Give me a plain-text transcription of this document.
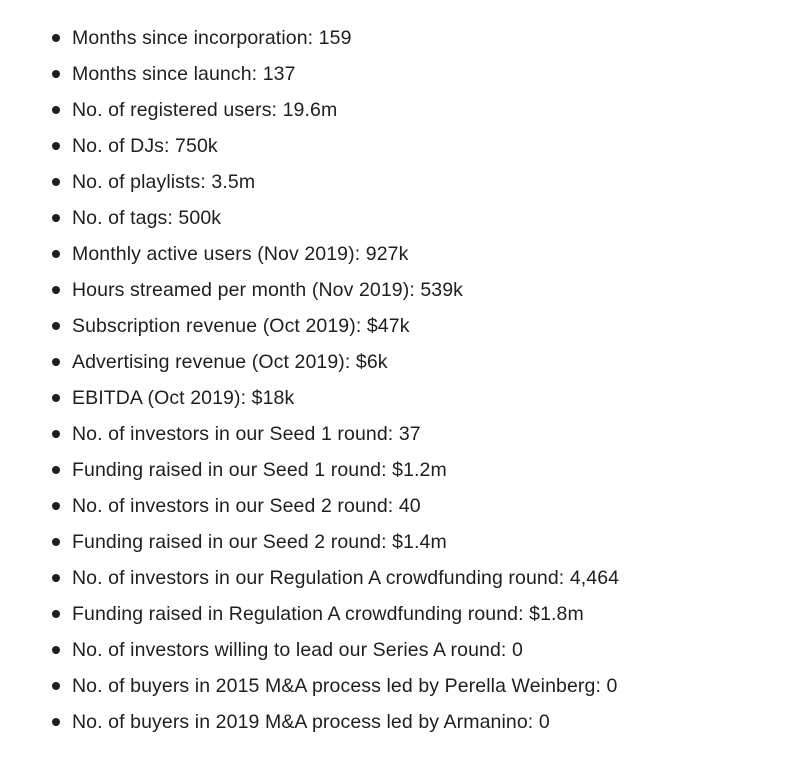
Months since incorporation: 159
Months since launch: 137
No. of registered users: 19.6m
No. of DJs: 750k
No. of playlists: 3.5m
No. of tags: 500k
Monthly active users (Nov 2019): 927k
Hours streamed per month (Nov 2019): 539k
Subscription revenue (Oct 2019): $47k
Advertising revenue (Oct 2019): $6k
EBITDA (Oct 2019): $18k
No. of investors in our Seed 1 round: 37
Funding raised in our Seed 1 round: $1.2m
No. of investors in our Seed 2 round: 40
Funding raised in our Seed 2 round: $1.4m
No. of investors in our Regulation A crowdfunding round: 4,464
Funding raised in Regulation A crowdfunding round: $1.8m
No. of investors willing to lead our Series A round: 0
No. of buyers in 2015 M&A process led by Perella Weinberg: 0
No. of buyers in 2019 M&A process led by Armanino: 0
